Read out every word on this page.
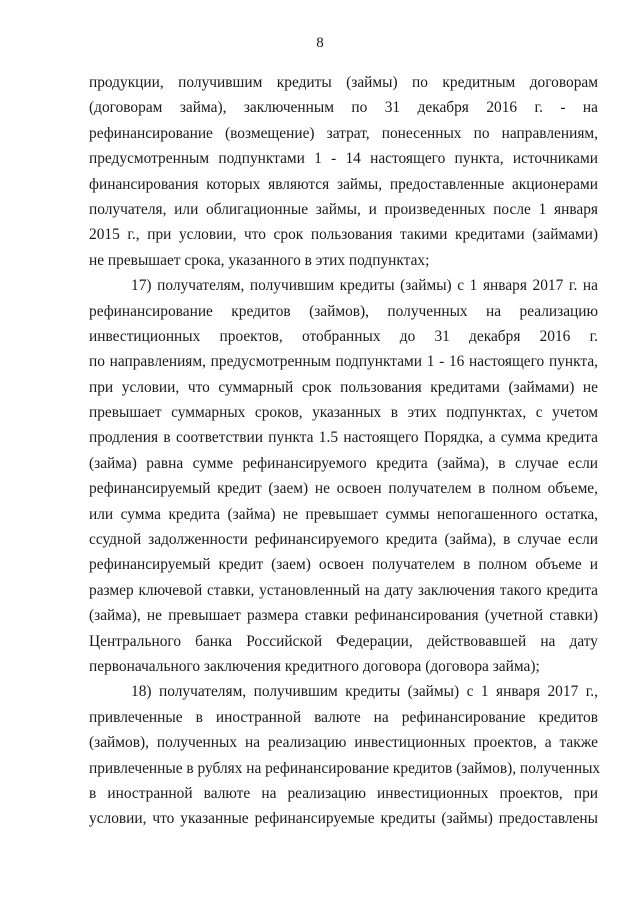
8
продукции, получившим кредиты (займы) по кредитным договорам
(договорам займа), заключенным по 31 декабря 2016 г. - на
рефинансирование (возмещение) затрат, понесенных по направлениям,
предусмотренным подпунктами 1 - 14 настоящего пункта, источниками
финансирования которых являются займы, предоставленные акционерами
получателя, или облигационные займы, и произведенных после 1 января
2015 г., при условии, что срок пользования такими кредитами (займами)
не превышает срока, указанного в этих подпунктах;
17) получателям, получившим кредиты (займы) с 1 января 2017 г. на
рефинансирование кредитов (займов), полученных на реализацию
инвестиционных проектов, отобранных до 31 декабря 2016 г.
по направлениям, предусмотренным подпунктами 1 - 16 настоящего пункта,
при условии, что суммарный срок пользования кредитами (займами) не
превышает суммарных сроков, указанных в этих подпунктах, с учетом
продления в соответствии пункта 1.5 настоящего Порядка, а сумма кредита
(займа) равна сумме рефинансируемого кредита (займа), в случае если
рефинансируемый кредит (заем) не освоен получателем в полном объеме,
или сумма кредита (займа) не превышает суммы непогашенного остатка,
ссудной задолженности рефинансируемого кредита (займа), в случае если
рефинансируемый кредит (заем) освоен получателем в полном объеме и
размер ключевой ставки, установленный на дату заключения такого кредита
(займа), не превышает размера ставки рефинансирования (учетной ставки)
Центрального банка Российской Федерации, действовавшей на дату
первоначального заключения кредитного договора (договора займа);
18) получателям, получившим кредиты (займы) с 1 января 2017 г.,
привлеченные в иностранной валюте на рефинансирование кредитов
(займов), полученных на реализацию инвестиционных проектов, а также
привлеченные в рублях на рефинансирование кредитов (займов), полученных
в иностранной валюте на реализацию инвестиционных проектов, при
условии, что указанные рефинансируемые кредиты (займы) предоставлены
